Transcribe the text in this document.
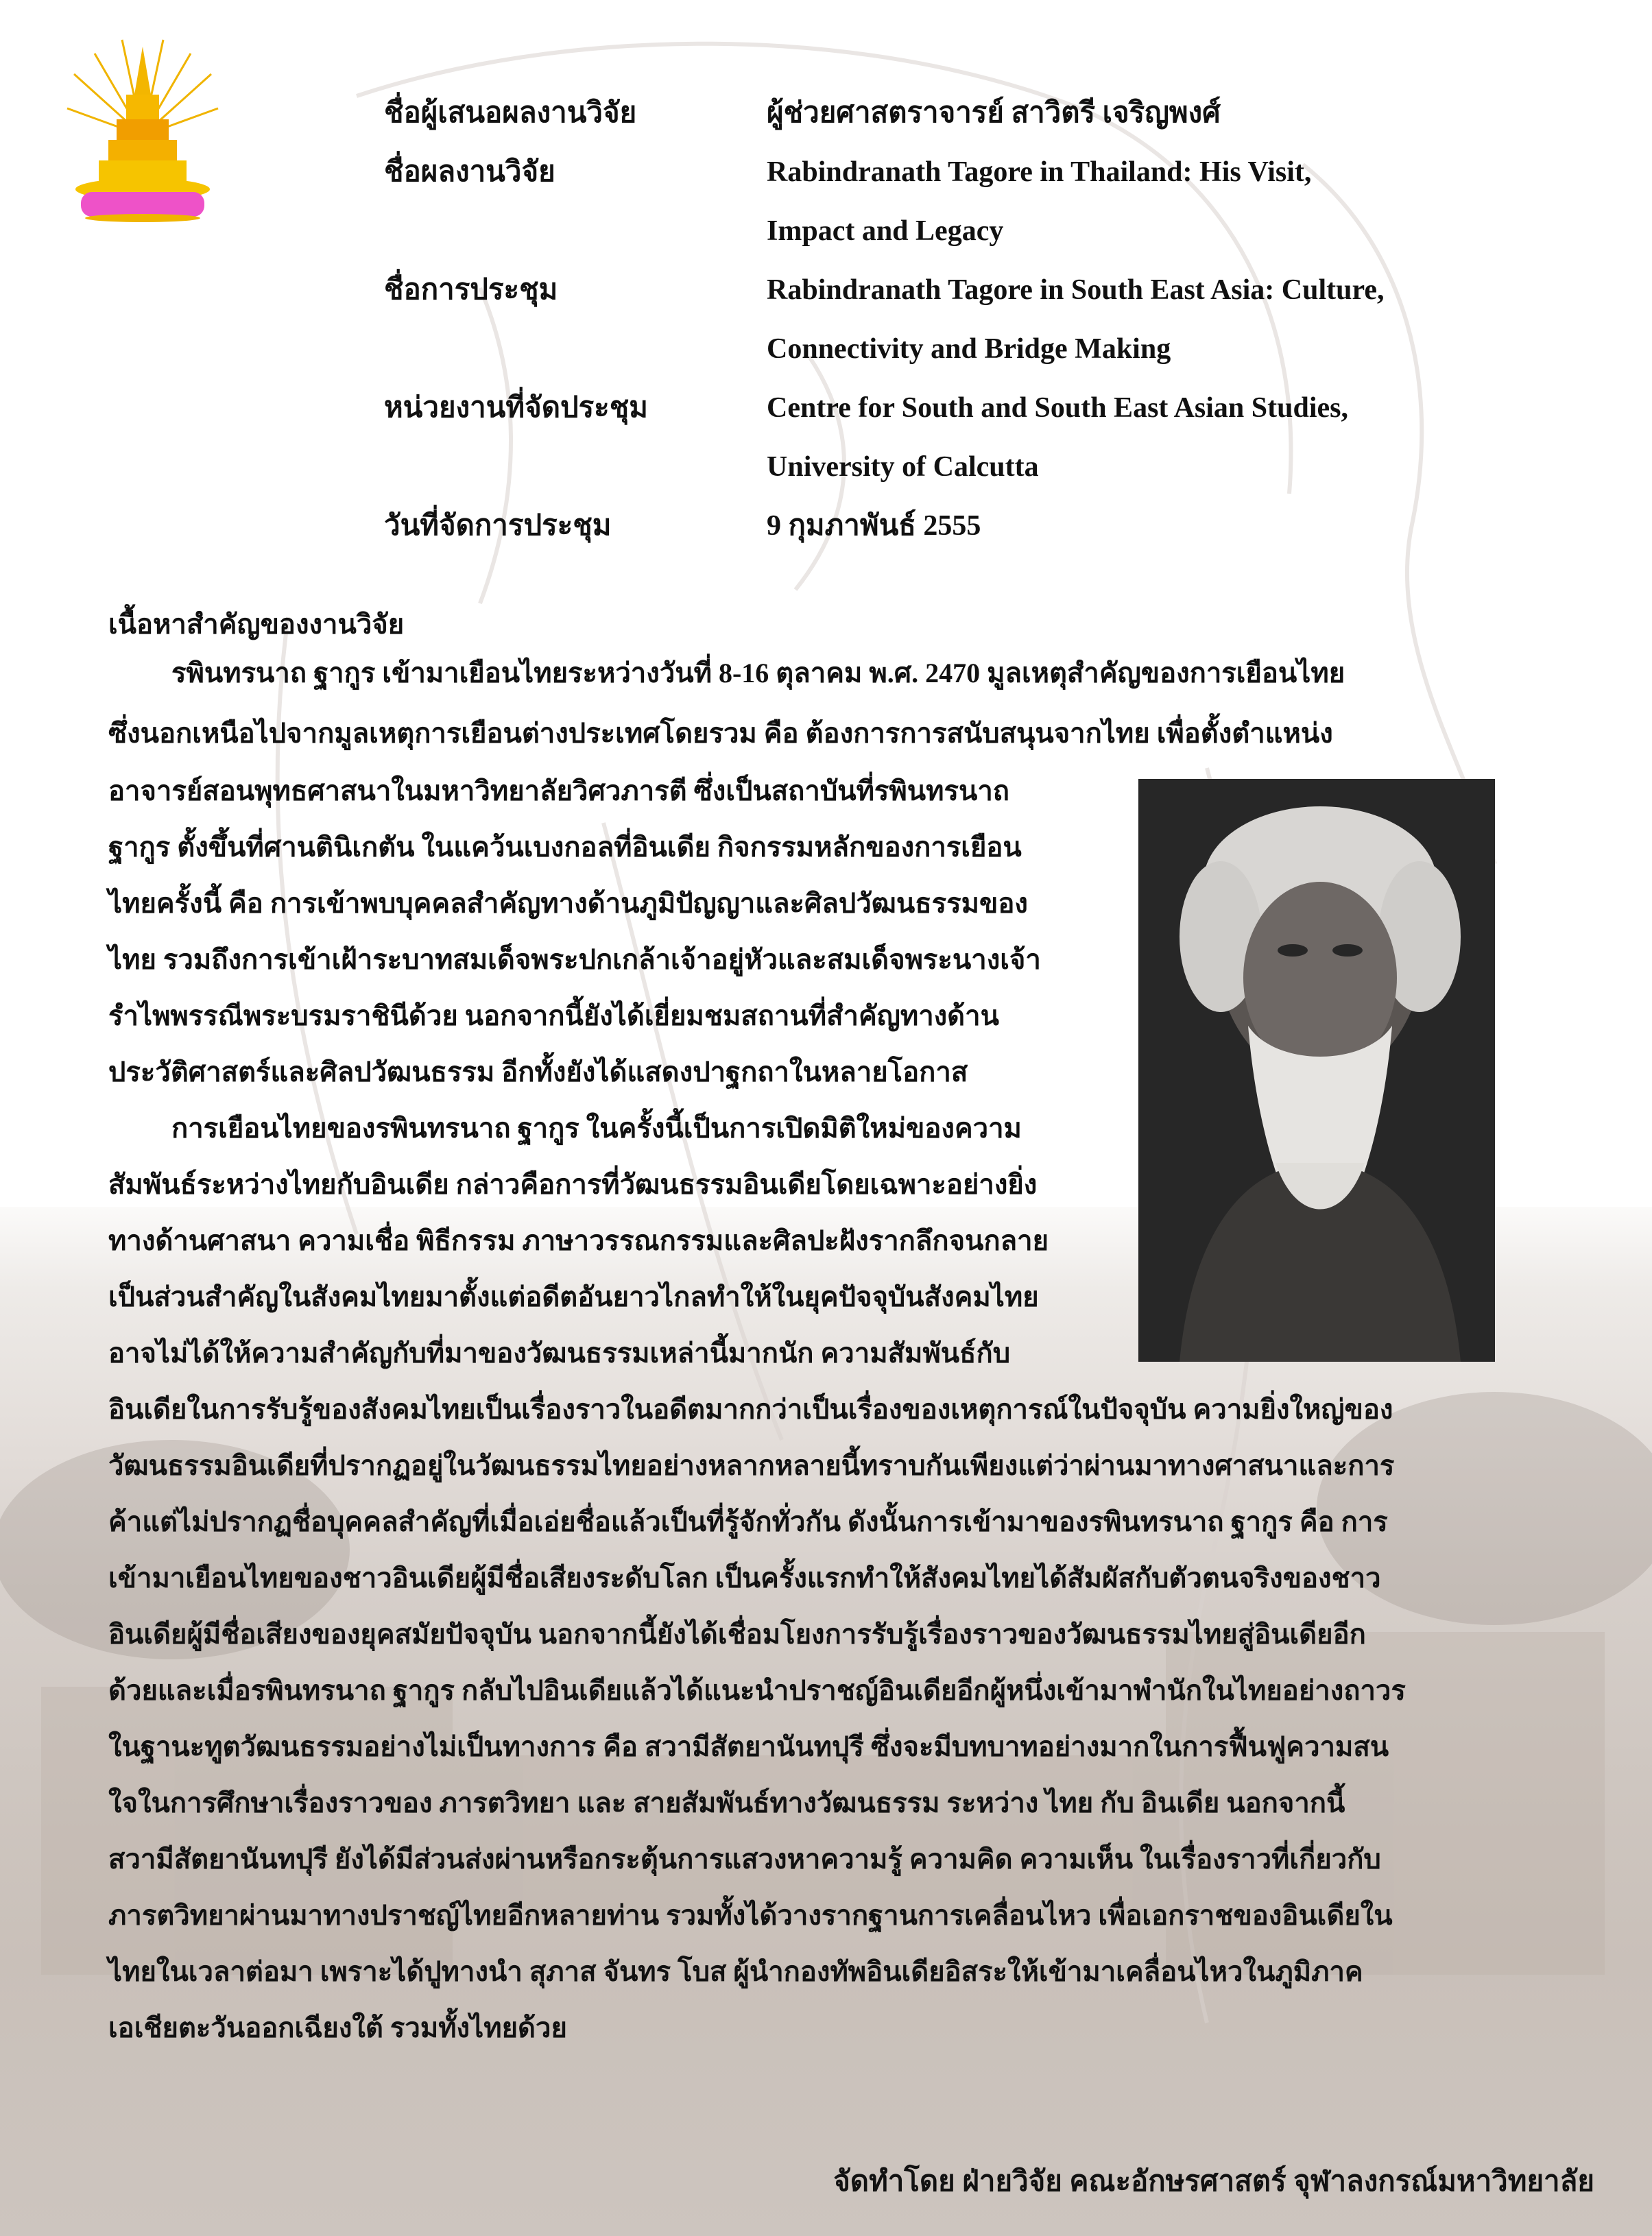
ชื่อผู้เสนอผลงานวิจัย	ผู้ช่วยศาสตราจารย์ สาวิตรี เจริญพงศ์
ชื่อผลงานวิจัย	Rabindranath Tagore in Thailand: His Visit,
Impact and Legacy
ชื่อการประชุม	Rabindranath Tagore in South East Asia: Culture,
Connectivity and Bridge Making
หน่วยงานที่จัดประชุม	Centre for South and South East Asian Studies,
University of Calcutta
วันที่จัดการประชุม	9 กุมภาพันธ์ 2555
เนื้อหาสำคัญของงานวิจัย
รพินทรนาถ ฐากูร เข้ามาเยือนไทยระหว่างวันที่ 8-16 ตุลาคม พ.ศ. 2470 มูลเหตุสำคัญของการเยือนไทย
ซึ่งนอกเหนือไปจากมูลเหตุการเยือนต่างประเทศโดยรวม คือ ต้องการการสนับสนุนจากไทย เพื่อตั้งตำแหน่ง
อาจารย์สอนพุทธศาสนาในมหาวิทยาลัยวิศวภารตี ซึ่งเป็นสถาบันที่รพินทรนาถ
ฐากูร ตั้งขึ้นที่ศานตินิเกตัน ในแคว้นเบงกอลที่อินเดีย กิจกรรมหลักของการเยือน
ไทยครั้งนี้ คือ การเข้าพบบุคคลสำคัญทางด้านภูมิปัญญาและศิลปวัฒนธรรมของ
ไทย รวมถึงการเข้าเฝ้าระบาทสมเด็จพระปกเกล้าเจ้าอยู่หัวและสมเด็จพระนางเจ้า
รำไพพรรณีพระบรมราชินีด้วย นอกจากนี้ยังได้เยี่ยมชมสถานที่สำคัญทางด้าน
ประวัติศาสตร์และศิลปวัฒนธรรม อีกทั้งยังได้แสดงปาฐกถาในหลายโอกาส
การเยือนไทยของรพินทรนาถ ฐากูร ในครั้งนี้เป็นการเปิดมิติใหม่ของความ
สัมพันธ์ระหว่างไทยกับอินเดีย กล่าวคือการที่วัฒนธรรมอินเดียโดยเฉพาะอย่างยิ่ง
ทางด้านศาสนา ความเชื่อ พิธีกรรม ภาษาวรรณกรรมและศิลปะฝังรากลึกจนกลาย
เป็นส่วนสำคัญในสังคมไทยมาตั้งแต่อดีตอันยาวไกลทำให้ในยุคปัจจุบันสังคมไทย
อาจไม่ได้ให้ความสำคัญกับที่มาของวัฒนธรรมเหล่านี้มากนัก ความสัมพันธ์กับ
อินเดียในการรับรู้ของสังคมไทยเป็นเรื่องราวในอดีตมากกว่าเป็นเรื่องของเหตุการณ์ในปัจจุบัน ความยิ่งใหญ่ของ
วัฒนธรรมอินเดียที่ปรากฏอยู่ในวัฒนธรรมไทยอย่างหลากหลายนี้ทราบกันเพียงแต่ว่าผ่านมาทางศาสนาและการ
ค้าแต่ไม่ปรากฏชื่อบุคคลสำคัญที่เมื่อเอ่ยชื่อแล้วเป็นที่รู้จักทั่วกัน ดังนั้นการเข้ามาของรพินทรนาถ ฐากูร คือ การ
เข้ามาเยือนไทยของชาวอินเดียผู้มีชื่อเสียงระดับโลก เป็นครั้งแรกทำให้สังคมไทยได้สัมผัสกับตัวตนจริงของชาว
อินเดียผู้มีชื่อเสียงของยุคสมัยปัจจุบัน นอกจากนี้ยังได้เชื่อมโยงการรับรู้เรื่องราวของวัฒนธรรมไทยสู่อินเดียอีก
ด้วยและเมื่อรพินทรนาถ ฐากูร กลับไปอินเดียแล้วได้แนะนำปราชญ์อินเดียอีกผู้หนึ่งเข้ามาพำนักในไทยอย่างถาวร
ในฐานะทูตวัฒนธรรมอย่างไม่เป็นทางการ คือ สวามีสัตยานันทปุรี ซึ่งจะมีบทบาทอย่างมากในการฟื้นฟูความสน
ใจในการศึกษาเรื่องราวของ ภารตวิทยา และ สายสัมพันธ์ทางวัฒนธรรม ระหว่าง ไทย กับ อินเดีย นอกจากนี้
สวามีสัตยานันทปุรี ยังได้มีส่วนส่งผ่านหรือกระตุ้นการแสวงหาความรู้ ความคิด ความเห็น ในเรื่องราวที่เกี่ยวกับ
ภารตวิทยาผ่านมาทางปราชญ์ไทยอีกหลายท่าน รวมทั้งได้วางรากฐานการเคลื่อนไหว เพื่อเอกราชของอินเดียใน
ไทยในเวลาต่อมา เพราะได้ปูทางนำ สุภาส จันทร โบส ผู้นำกองทัพอินเดียอิสระให้เข้ามาเคลื่อนไหวในภูมิภาค
เอเชียตะวันออกเฉียงใต้ รวมทั้งไทยด้วย
จัดทำโดย ฝ่ายวิจัย คณะอักษรศาสตร์ จุฬาลงกรณ์มหาวิทยาลัย
